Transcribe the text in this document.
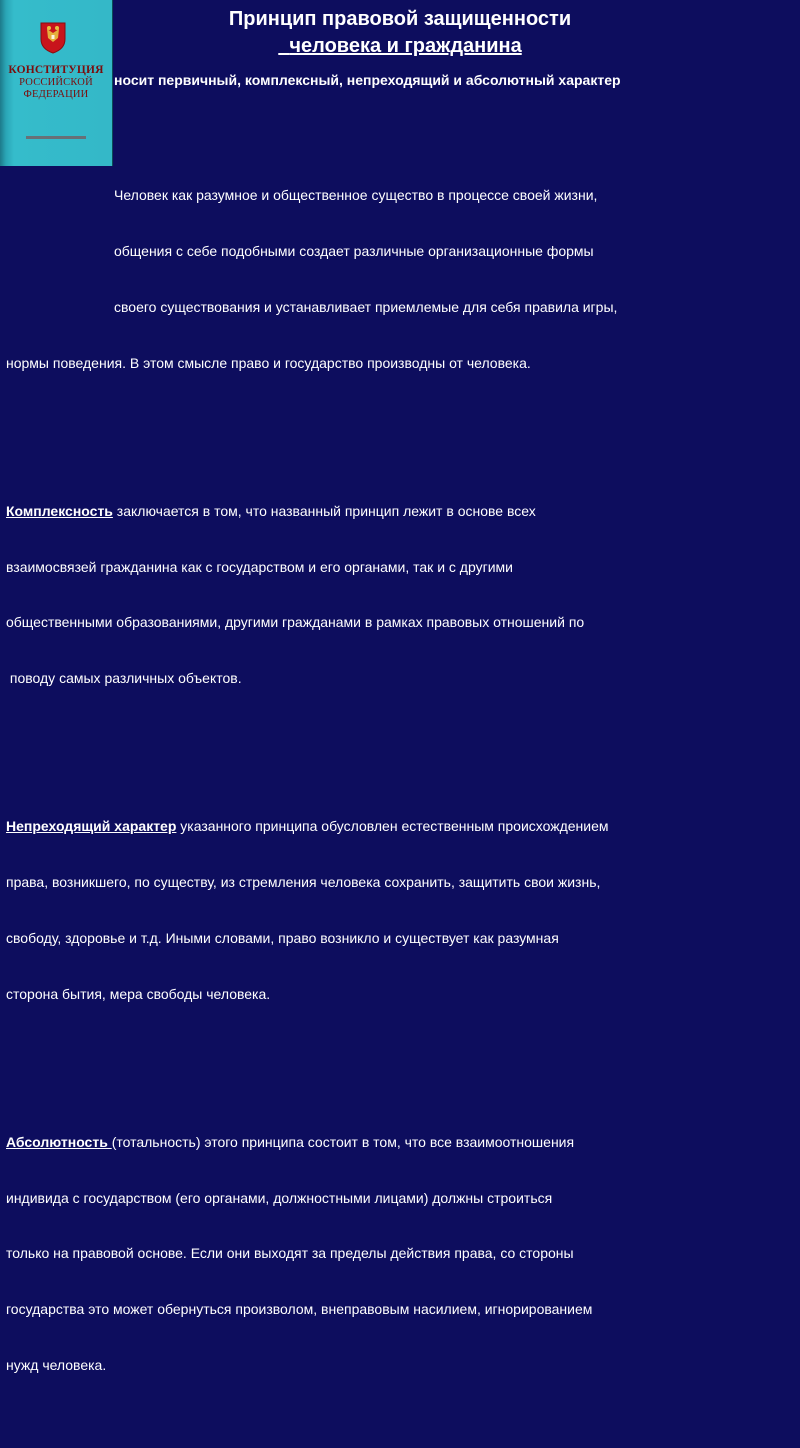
КОНСТИТУЦИЯ
РОССИЙСКОЙ
ФЕДЕРАЦИИ
Принцип правовой защищенности
человека и гражданина
носит первичный, комплексный, непреходящий и абсолютный характер

Человек как разумное и общественное существо в процессе своей жизни,

общения с себе подобными создает различные организационные формы

своего существования и устанавливает приемлемые для себя правила игры,

нормы поведения. В этом смысле право и государство производны от человека.

Комплексность заключается в том, что названный принцип лежит в основе всех

взаимосвязей гражданина как с государством и его органами, так и с другими

общественными образованиями, другими гражданами в рамках правовых отношений по

поводу самых различных объектов.

Непреходящий характер указанного принципа обусловлен естественным происхождением

права, возникшего, по существу, из стремления человека сохранить, защитить свои жизнь,

свободу, здоровье и т.д. Иными словами, право возникло и существует как разумная

сторона бытия, мера свободы человека.

Абсолютность (тотальность) этого принципа состоит в том, что все взаимоотношения

индивида с государством (его органами, должностными лицами) должны строиться

только на правовой основе. Если они выходят за пределы действия права, со стороны

государства это может обернуться произволом, внеправовым насилием, игнорированием

нужд человека.
